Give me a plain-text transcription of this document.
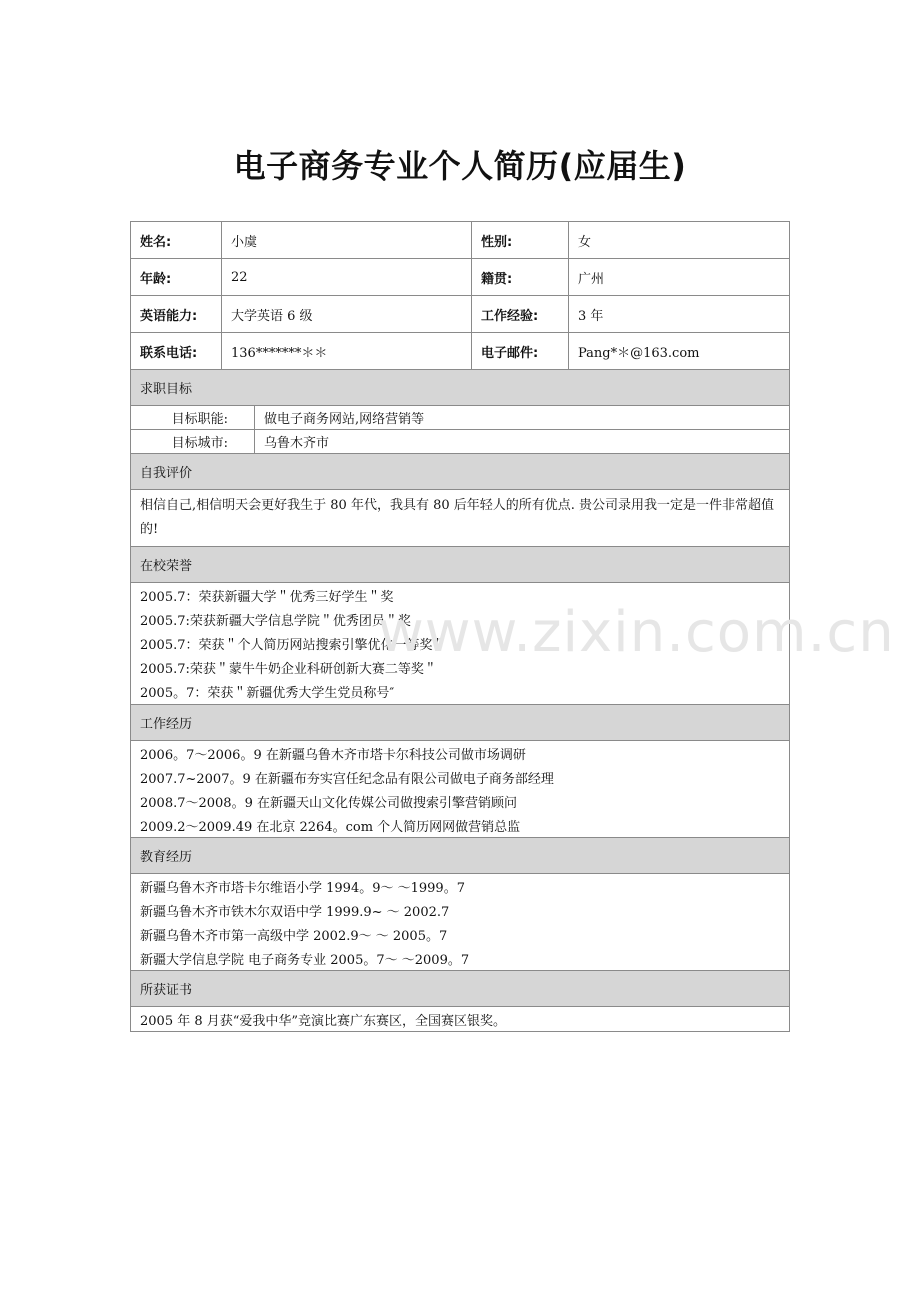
电子商务专业个人简历(应届生)
姓名:	小虞	性别:	女
年龄:	22	籍贯:	广州
英语能力:	大学英语 6 级	工作经验:	3 年
联系电话:	136*******＊＊	电子邮件:	Pang*＊@163.com
求职目标
目标职能:	做电子商务网站,网络营销等
目标城市:	乌鲁木齐市
自我评价
相信自己,相信明天会更好我生于 80 年代，我具有 80 后年轻人的所有优点. 贵公司录用我一定是一件非常超值的!
在校荣誉
2005.7：荣获新疆大学＂优秀三好学生＂奖
2005.7:荣获新疆大学信息学院＂优秀团员＂奖
2005.7：荣获＂个人简历网站搜索引擎优化一等奖＂
2005.7:荣获＂蒙牛牛奶企业科研创新大赛二等奖＂
2005。7：荣获＂新疆优秀大学生党员称号″
工作经历
2006。7～2006。9 在新疆乌鲁木齐市塔卡尔科技公司做市场调研
2007.7~2007。9 在新疆布夯实宫任纪念品有限公司做电子商务部经理
2008.7～2008。9 在新疆天山文化传媒公司做搜索引擎营销顾问
2009.2～2009.49 在北京 2264。com 个人简历网网做营销总监
教育经历
新疆乌鲁木齐市塔卡尔维语小学 1994。9～ ～1999。7
新疆乌鲁木齐市铁木尔双语中学 1999.9~ ～ 2002.7
新疆乌鲁木齐市第一高级中学 2002.9～ ～ 2005。7
新疆大学信息学院 电子商务专业 2005。7～ ～2009。7
所获证书
2005 年 8 月获“爱我中华”竞演比赛广东赛区，全国赛区银奖。
www.zixin.com.cn
